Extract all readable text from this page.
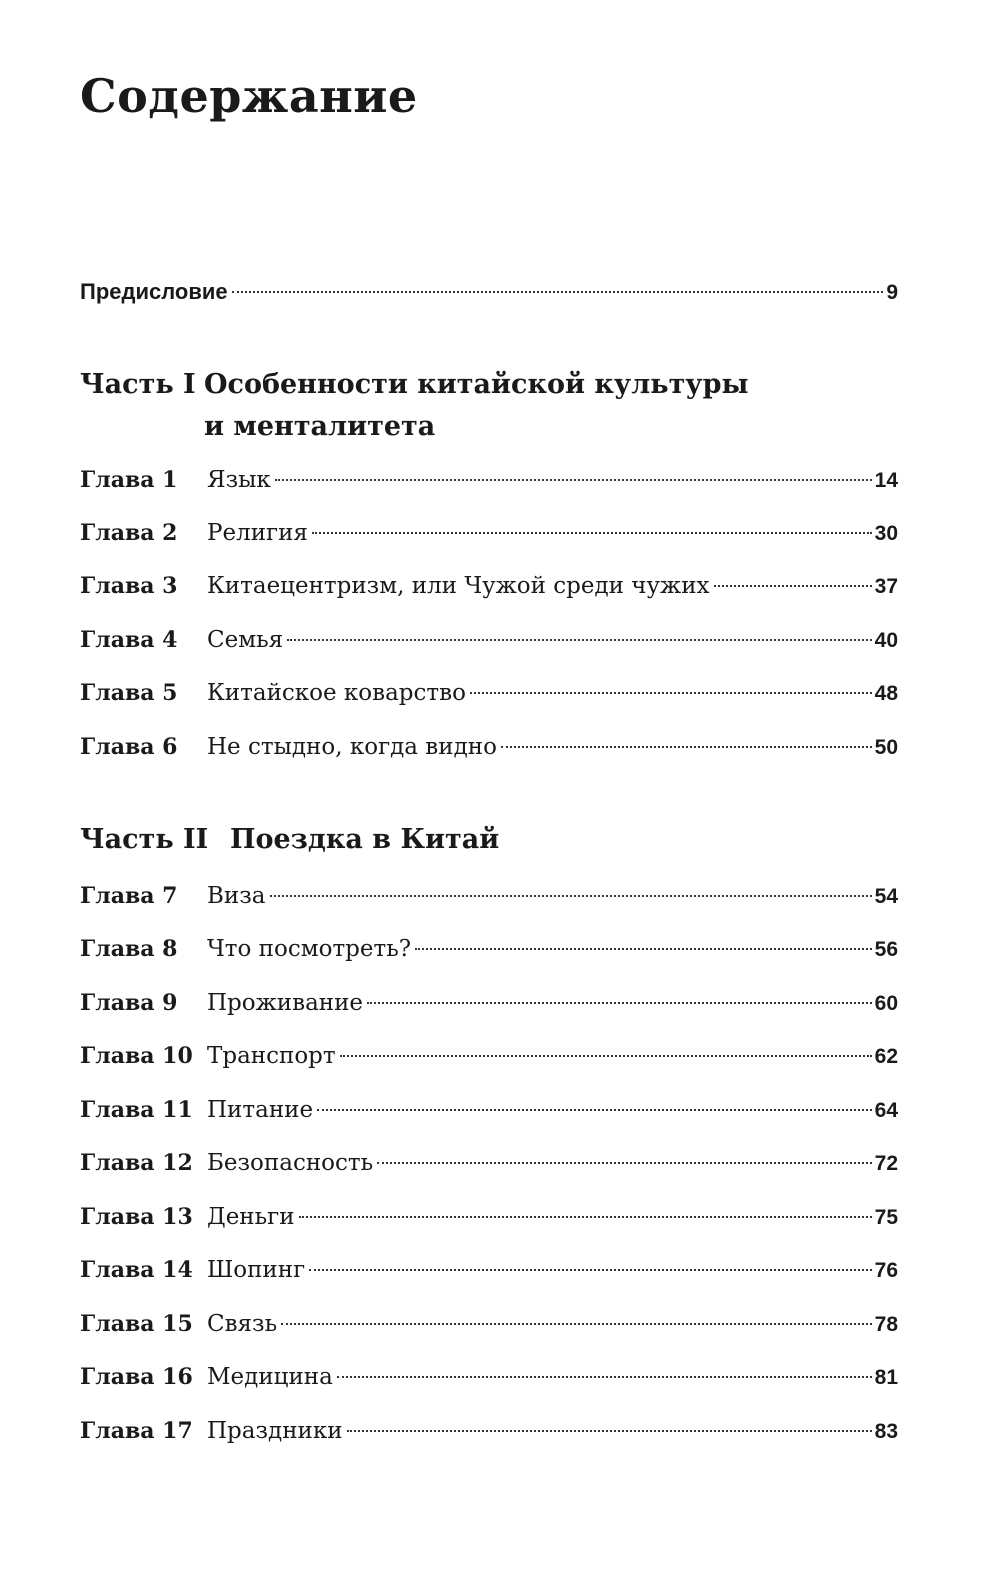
Содержание
Предисловие	9
Часть I Особенности китайской культуры
и менталитета
Глава 1	Язык	14
Глава 2	Религия	30
Глава 3	Китаецентризм, или Чужой среди чужих	37
Глава 4	Семья	40
Глава 5	Китайское коварство	48
Глава 6	Не стыдно, когда видно	50
Часть II Поездка в Китай
Глава 7	Виза	54
Глава 8	Что посмотреть?	56
Глава 9	Проживание	60
Глава 10 Транспорт	62
Глава 11 Питание	64
Глава 12 Безопасность	72
Глава 13 Деньги	75
Глава 14 Шопинг	76
Глава 15 Связь	78
Глава 16 Медицина	81
Глава 17 Праздники	83
